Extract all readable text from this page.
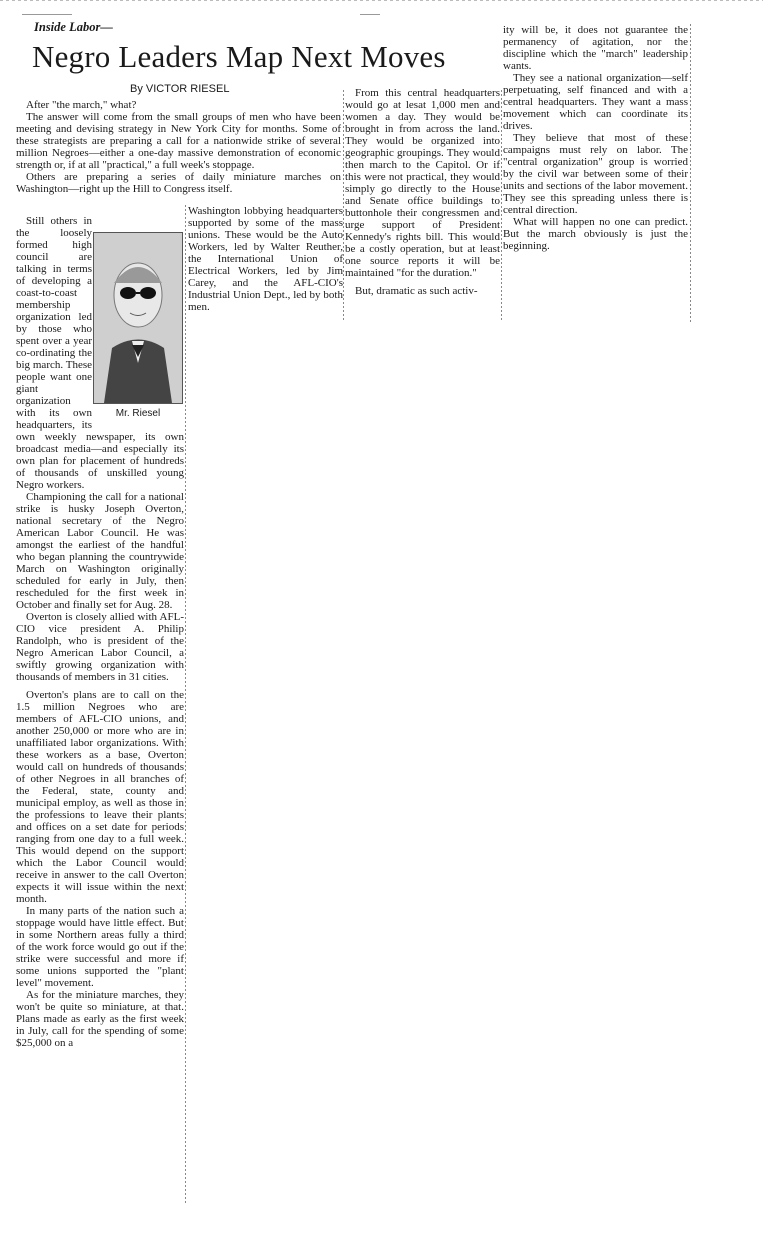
Inside Labor—
Negro Leaders Map Next Moves
By VICTOR RIESEL

After "the march," what?

The answer will come from the small groups of men who have been meeting and devising strategy in New York City for months. Some of these strategists are preparing a call for a nationwide strike of several million Negroes—either a one-day massive demonstration of economic strength or, if at all "practical," a full week's stoppage.

Others are preparing a series of daily miniature marches on Washington—right up the Hill to Congress itself.

Still others in the loosely formed high council are talking in terms of developing a coast-to-coast membership organization led by those who spent over a year co-ordinating the big march. These people want one giant organization with its own headquarters, its own weekly newspaper, its own broadcast media—and especially its own plan for placement of hundreds of thousands of unskilled young Negro workers.

Championing the call for a national strike is husky Joseph Overton, national secretary of the Negro American Labor Council. He was amongst the earliest of the handful who began planning the countrywide March on Washington originally scheduled for early in July, then rescheduled for the first week in October and finally set for Aug. 28.

Overton is closely allied with AFL-CIO vice president A. Philip Randolph, who is president of the Negro American Labor Council, a swiftly growing organization with thousands of members in 31 cities.

Overton's plans are to call on the 1.5 million Negroes who are members of AFL-CIO unions, and another 250,000 or more who are in unaffiliated labor organizations. With these workers as a base, Overton would call on hundreds of thousands of other Negroes in all branches of the Federal, state, county and municipal employ, as well as those in the professions to leave their plants and offices on a set date for periods ranging from one day to a full week. This would depend on the support which the Labor Council would receive in answer to the call Overton expects it will issue within the next month.

In many parts of the nation such a stoppage would have little effect. But in some Northern areas fully a third of the work force would go out if the strike were successful and more if some unions supported the "plant level" movement.

As for the miniature marches, they won't be quite so miniature, at that. Plans made as early as the first week in July, call for the spending of some $25,000 on a

Mr. Riesel

Washington lobbying headquarters supported by some of the mass unions. These would be the Auto Workers, led by Walter Reuther, the International Union of Electrical Workers, led by Jim Carey, and the AFL-CIO's Industrial Union Dept., led by both men.

From this central headquarters would go at lesat 1,000 men and women a day. They would be brought in from across the land. They would be organized into geographic groupings. They would then march to the Capitol. Or if this were not practical, they would simply go directly to the House and Senate office buildings to buttonhole their congressmen and urge support of President Kennedy's rights bill. This would be a costly operation, but at least one source reports it will be maintained "for the duration."

But, dramatic as such activ-

ity will be, it does not guarantee the permanency of agitation, nor the discipline which the "march" leadership wants.

They see a national organization—self perpetuating, self financed and with a central headquarters. They want a mass movement which can coordinate its drives.

They believe that most of these campaigns must rely on labor. The "central organization" group is worried by the civil war between some of their units and sections of the labor movement. They see this spreading unless there is central direction.

What will happen no one can predict. But the march obviously is just the beginning.
